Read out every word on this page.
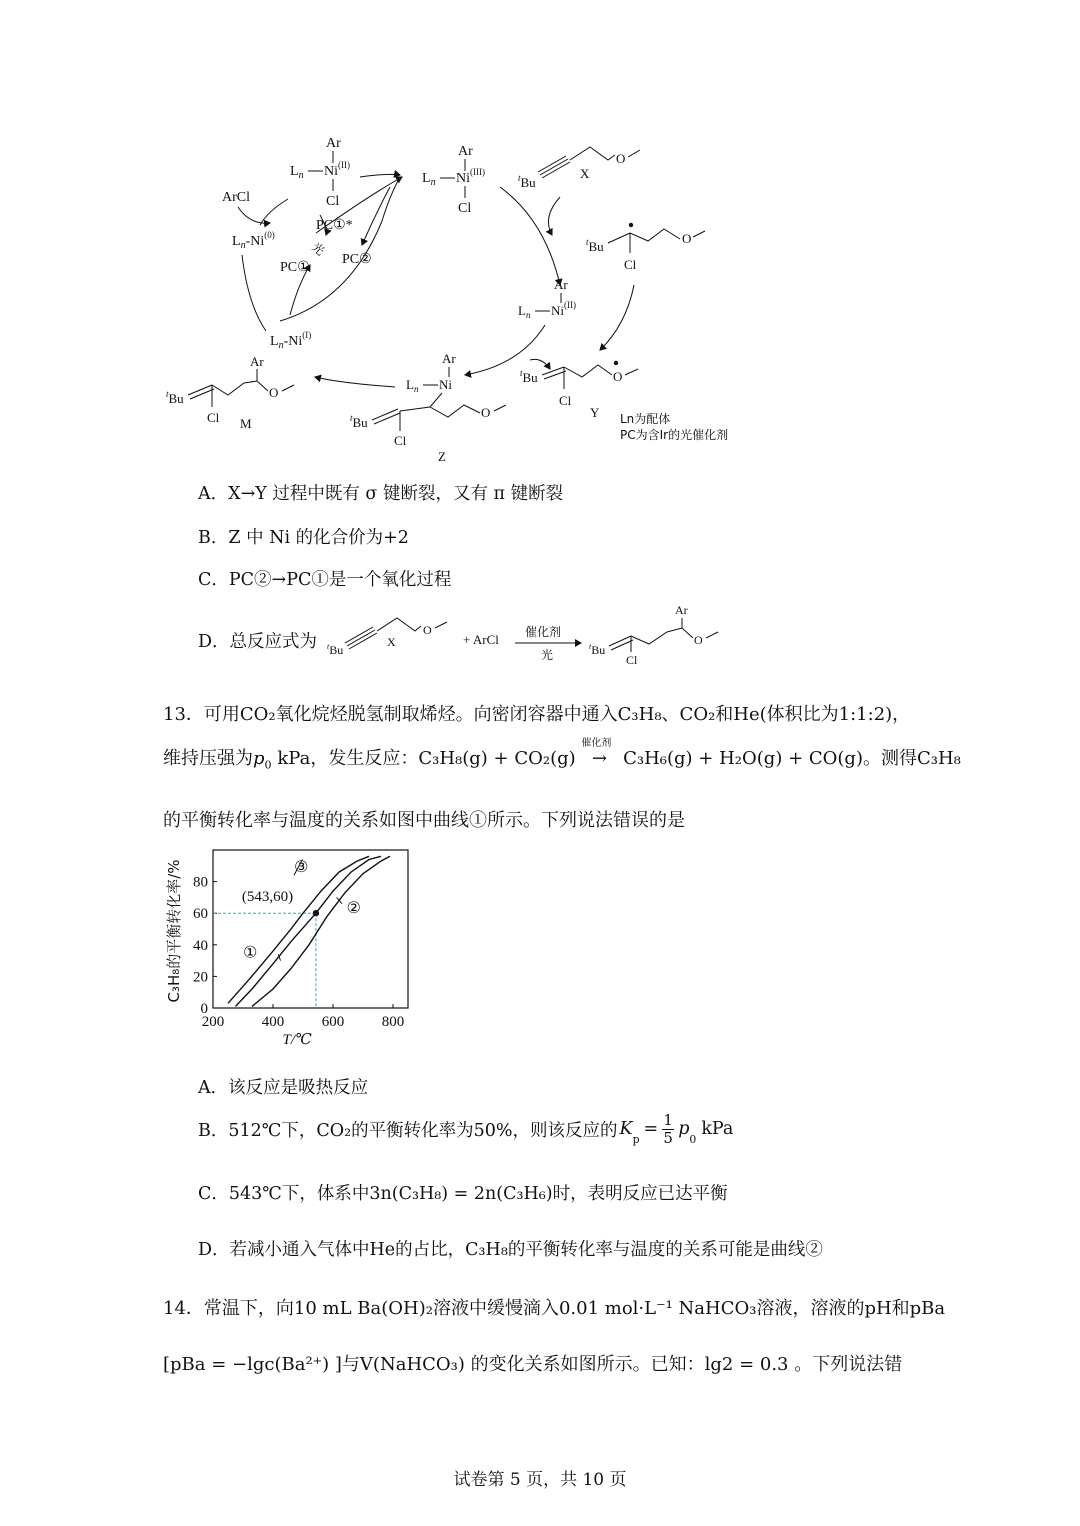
Ar
$L_n$ $Ni^{(II)}$
Cl
Ar
$L_n$ $Ni^{(III)}$
Cl
ArCl
$L_n-Ni^{(0)}$
PC①*
光
PC①
PC②
$^t$Bu
O
X
$^t$Bu
Cl
O
Ar
$L_n$ $Ni^{(II)}$
$^t$Bu
Cl
O
Y
Ar
$L_n$ Ni
O
$^t$Bu
Cl
Z
$L_n-Ni^{(I)}$
Ar
$^t$Bu
Cl
O
M	Ln为配体
PC为含Ir的光催化剂
A．X→Y 过程中既有 σ 键断裂，又有 π 键断裂
B．Z 中 Ni 的化合价为+2
C．PC②→PC①是一个氧化过程
D．总反应式为 $^t$Bu
O
X	+ ArCl 催化剂
光
Ar
$^t$Bu
Cl
O
13．可用CO₂氧化烷烃脱氢制取烯烃。向密闭容器中通入C₃H₈、CO₂和He(体积比为1:1:2)，
维持压强为$p_0$ kPa，发生反应：C₃H₈(g) + CO₂(g)
催化剂
→ C₃H₆(g) + H₂O(g) + CO(g)。测得C₃H₈
的平衡转化率与温度的关系如图中曲线①所示。下列说法错误的是
200	400	600	800
0
20
40
60
80
T/℃
C₃H₈的平衡转化率/%	(543,60)
①
③
②
A．该反应是吸热反应
B．512℃下，CO₂的平衡转化率为50%，则该反应的 K
$_p$
= $\frac{1}{5}$ p
$_0$
kPa
C．543℃下，体系中3n(C₃H₈) = 2n(C₃H₆)时，表明反应已达平衡
D．若减小通入气体中He的占比，C₃H₈的平衡转化率与温度的关系可能是曲线②
14．常温下，向10 mL Ba(OH)₂溶液中缓慢滴入0.01 mol·L⁻¹ NaHCO₃溶液，溶液的pH和pBa
[pBa = −lgc(Ba²⁺) ]与V(NaHCO₃) 的变化关系如图所示。已知：lg2 = 0.3 。下列说法错
试卷第 5 页，共 10 页
